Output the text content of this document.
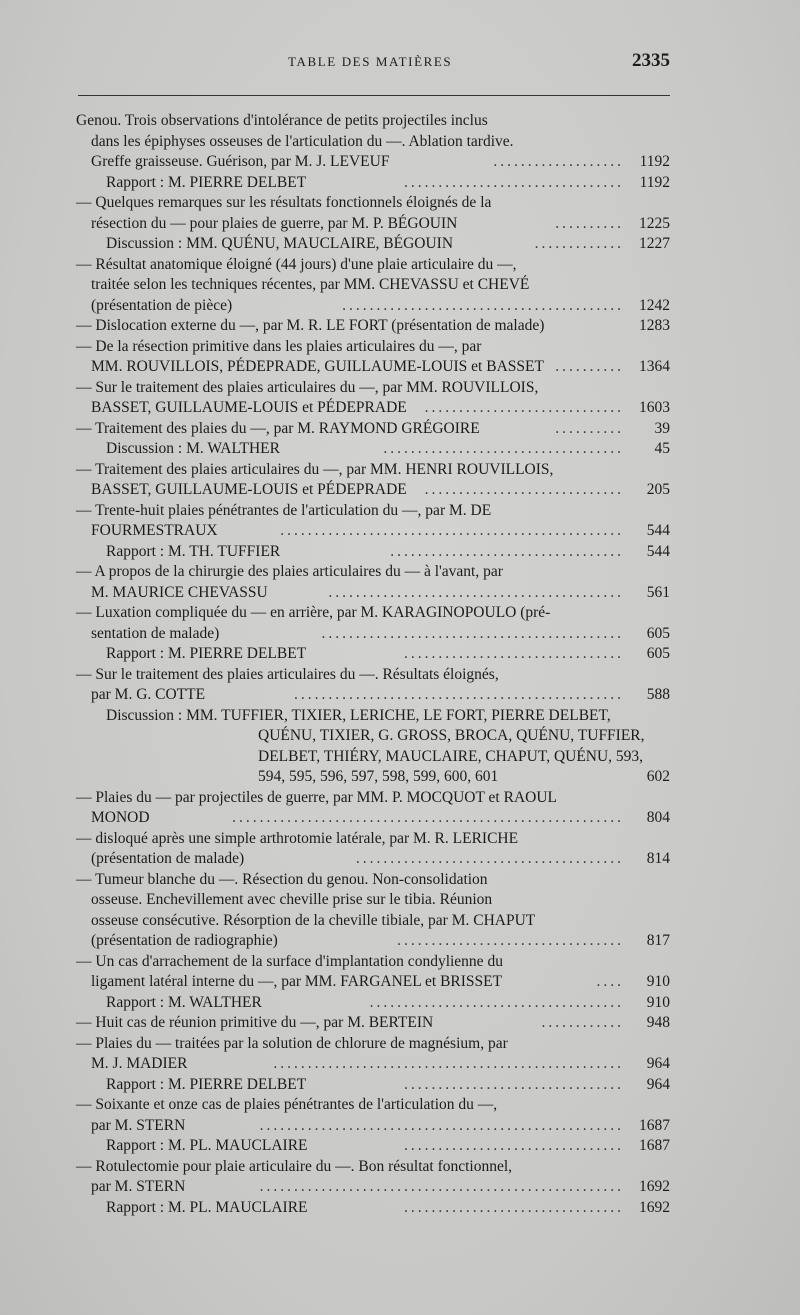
TABLE DES MATIÈRES	2335
Genou. Trois observations d'intolérance de petits projectiles inclus
dans les épiphyses osseuses de l'articulation du —. Ablation tardive.
Greffe graisseuse. Guérison, par M. J. LEVEUF	................... 1192
Rapport : M. PIERRE DELBET	................................ 1192
— Quelques remarques sur les résultats fonctionnels éloignés de la
résection du — pour plaies de guerre, par M. P. BÉGOUIN	.......... 1225
Discussion : MM. QUÉNU, MAUCLAIRE, BÉGOUIN	............. 1227
— Résultat anatomique éloigné (44 jours) d'une plaie articulaire du —,
traitée selon les techniques récentes, par MM. CHEVASSU et CHEVÉ
(présentation de pièce)	......................................... 1242
— Dislocation externe du —, par M. R. LE FORT (présentation de malade)	1283
— De la résection primitive dans les plaies articulaires du —, par
MM. ROUVILLOIS, PÉDEPRADE, GUILLAUME-LOUIS et BASSET .......... 1364
— Sur le traitement des plaies articulaires du —, par MM. ROUVILLOIS,
BASSET, GUILLAUME-LOUIS et PÉDEPRADE ............................. 1603
— Traitement des plaies du —, par M. RAYMOND GRÉGOIRE	.......... 39
Discussion : M. WALTHER	................................... 45
— Traitement des plaies articulaires du —, par MM. HENRI ROUVILLOIS,
BASSET, GUILLAUME-LOUIS et PÉDEPRADE ............................. 205
— Trente-huit plaies pénétrantes de l'articulation du —, par M. DE
FOURMESTRAUX	.................................................. 544
Rapport : M. TH. TUFFIER	.................................. 544
— A propos de la chirurgie des plaies articulaires du — à l'avant, par
M. MAURICE CHEVASSU	........................................... 561
— Luxation compliquée du — en arrière, par M. KARAGINOPOULO (pré-
sentation de malade)	............................................ 605
Rapport : M. PIERRE DELBET	................................ 605
— Sur le traitement des plaies articulaires du —. Résultats éloignés,
par M. G. COTTE	................................................ 588
Discussion : MM. TUFFIER, TIXIER, LERICHE, LE FORT, PIERRE DELBET,
QUÉNU, TIXIER, G. GROSS, BROCA, QUÉNU, TUFFIER,
DELBET, THIÉRY, MAUCLAIRE, CHAPUT, QUÉNU, 593,
594, 595, 596, 597, 598, 599, 600, 601	602
— Plaies du — par projectiles de guerre, par MM. P. MOCQUOT et RAOUL
MONOD	......................................................... 804
— disloqué après une simple arthrotomie latérale, par M. R. LERICHE
(présentation de malade)	....................................... 814
— Tumeur blanche du —. Résection du genou. Non-consolidation
osseuse. Enchevillement avec cheville prise sur le tibia. Réunion
osseuse consécutive. Résorption de la cheville tibiale, par M. CHAPUT
(présentation de radiographie)	................................. 817
— Un cas d'arrachement de la surface d'implantation condylienne du
ligament latéral interne du —, par MM. FARGANEL et BRISSET	.... 910
Rapport : M. WALTHER	..................................... 910
— Huit cas de réunion primitive du —, par M. BERTEIN	............ 948
— Plaies du — traitées par la solution de chlorure de magnésium, par
M. J. MADIER	................................................... 964
Rapport : M. PIERRE DELBET	................................ 964
— Soixante et onze cas de plaies pénétrantes de l'articulation du —,
par M. STERN	..................................................... 1687
Rapport : M. PL. MAUCLAIRE	................................ 1687
— Rotulectomie pour plaie articulaire du —. Bon résultat fonctionnel,
par M. STERN	..................................................... 1692
Rapport : M. PL. MAUCLAIRE	................................ 1692
